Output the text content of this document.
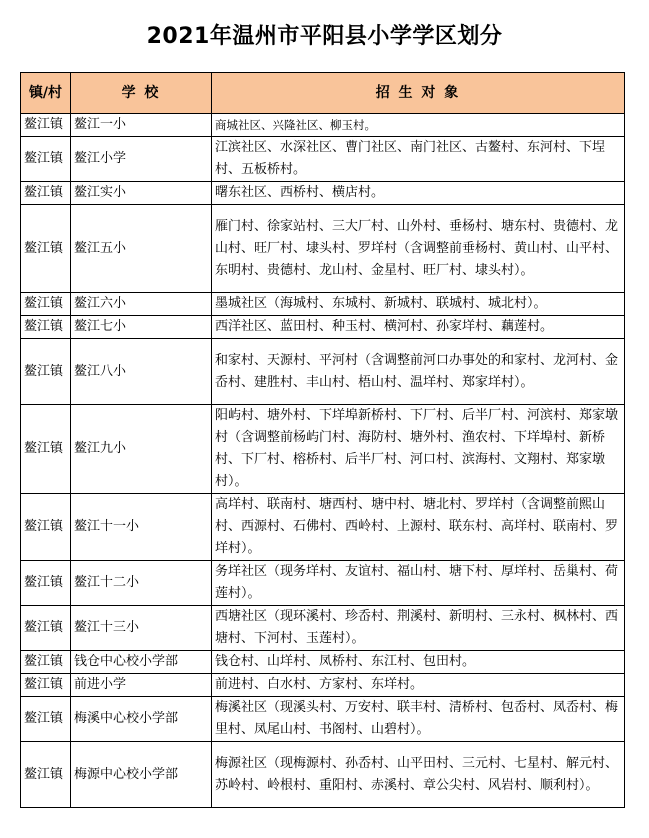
2021年温州市平阳县小学学区划分
镇/村	学 校	招 生 对 象
鳌江镇	鳌江一小	商城社区、兴隆社区、柳玉村。
鳌江镇	鳌江小学	江滨社区、水深社区、曹门社区、南门社区、古鳌村、东河村、下埕村、五板桥村。
鳌江镇	鳌江实小	曙东社区、西桥村、横店村。
鳌江镇	鳌江五小	雁门村、徐家站村、三大厂村、山外村、垂杨村、塘东村、贵德村、龙山村、旺厂村、埭头村、罗垟村（含调整前垂杨村、黄山村、山平村、东明村、贵德村、龙山村、金星村、旺厂村、埭头村）。
鳌江镇	鳌江六小	墨城社区（海城村、东城村、新城村、联城村、城北村）。
鳌江镇	鳌江七小	西洋社区、蓝田村、种玉村、横河村、孙家垟村、藕莲村。
鳌江镇	鳌江八小	和家村、天源村、平河村（含调整前河口办事处的和家村、龙河村、金岙村、建胜村、丰山村、梧山村、温垟村、郑家垟村）。
鳌江镇	鳌江九小	阳屿村、塘外村、下垟埠新桥村、下厂村、后半厂村、河滨村、郑家墩村（含调整前杨屿门村、海防村、塘外村、渔农村、下垟埠村、新桥村、下厂村、榕桥村、后半厂村、河口村、滨海村、文翔村、郑家墩村）。
鳌江镇	鳌江十一小	高垟村、联南村、塘西村、塘中村、塘北村、罗垟村（含调整前熙山村、西源村、石佛村、西岭村、上源村、联东村、高垟村、联南村、罗垟村）。
鳌江镇	鳌江十二小	务垟社区（现务垟村、友谊村、福山村、塘下村、厚垟村、岳巢村、荷莲村）。
鳌江镇	鳌江十三小	西塘社区（现环溪村、珍岙村、荆溪村、新明村、三永村、枫林村、西塘村、下河村、玉莲村）。
鳌江镇	钱仓中心校小学部	钱仓村、山垟村、凤桥村、东江村、包田村。
鳌江镇	前进小学	前进村、白水村、方家村、东垟村。
鳌江镇	梅溪中心校小学部	梅溪社区（现溪头村、万安村、联丰村、清桥村、包岙村、凤岙村、梅里村、凤尾山村、书阁村、山碧村）。
鳌江镇	梅源中心校小学部	梅源社区（现梅源村、孙岙村、山平田村、三元村、七星村、解元村、苏岭村、岭根村、重阳村、赤溪村、章公尖村、风岩村、顺利村）。
